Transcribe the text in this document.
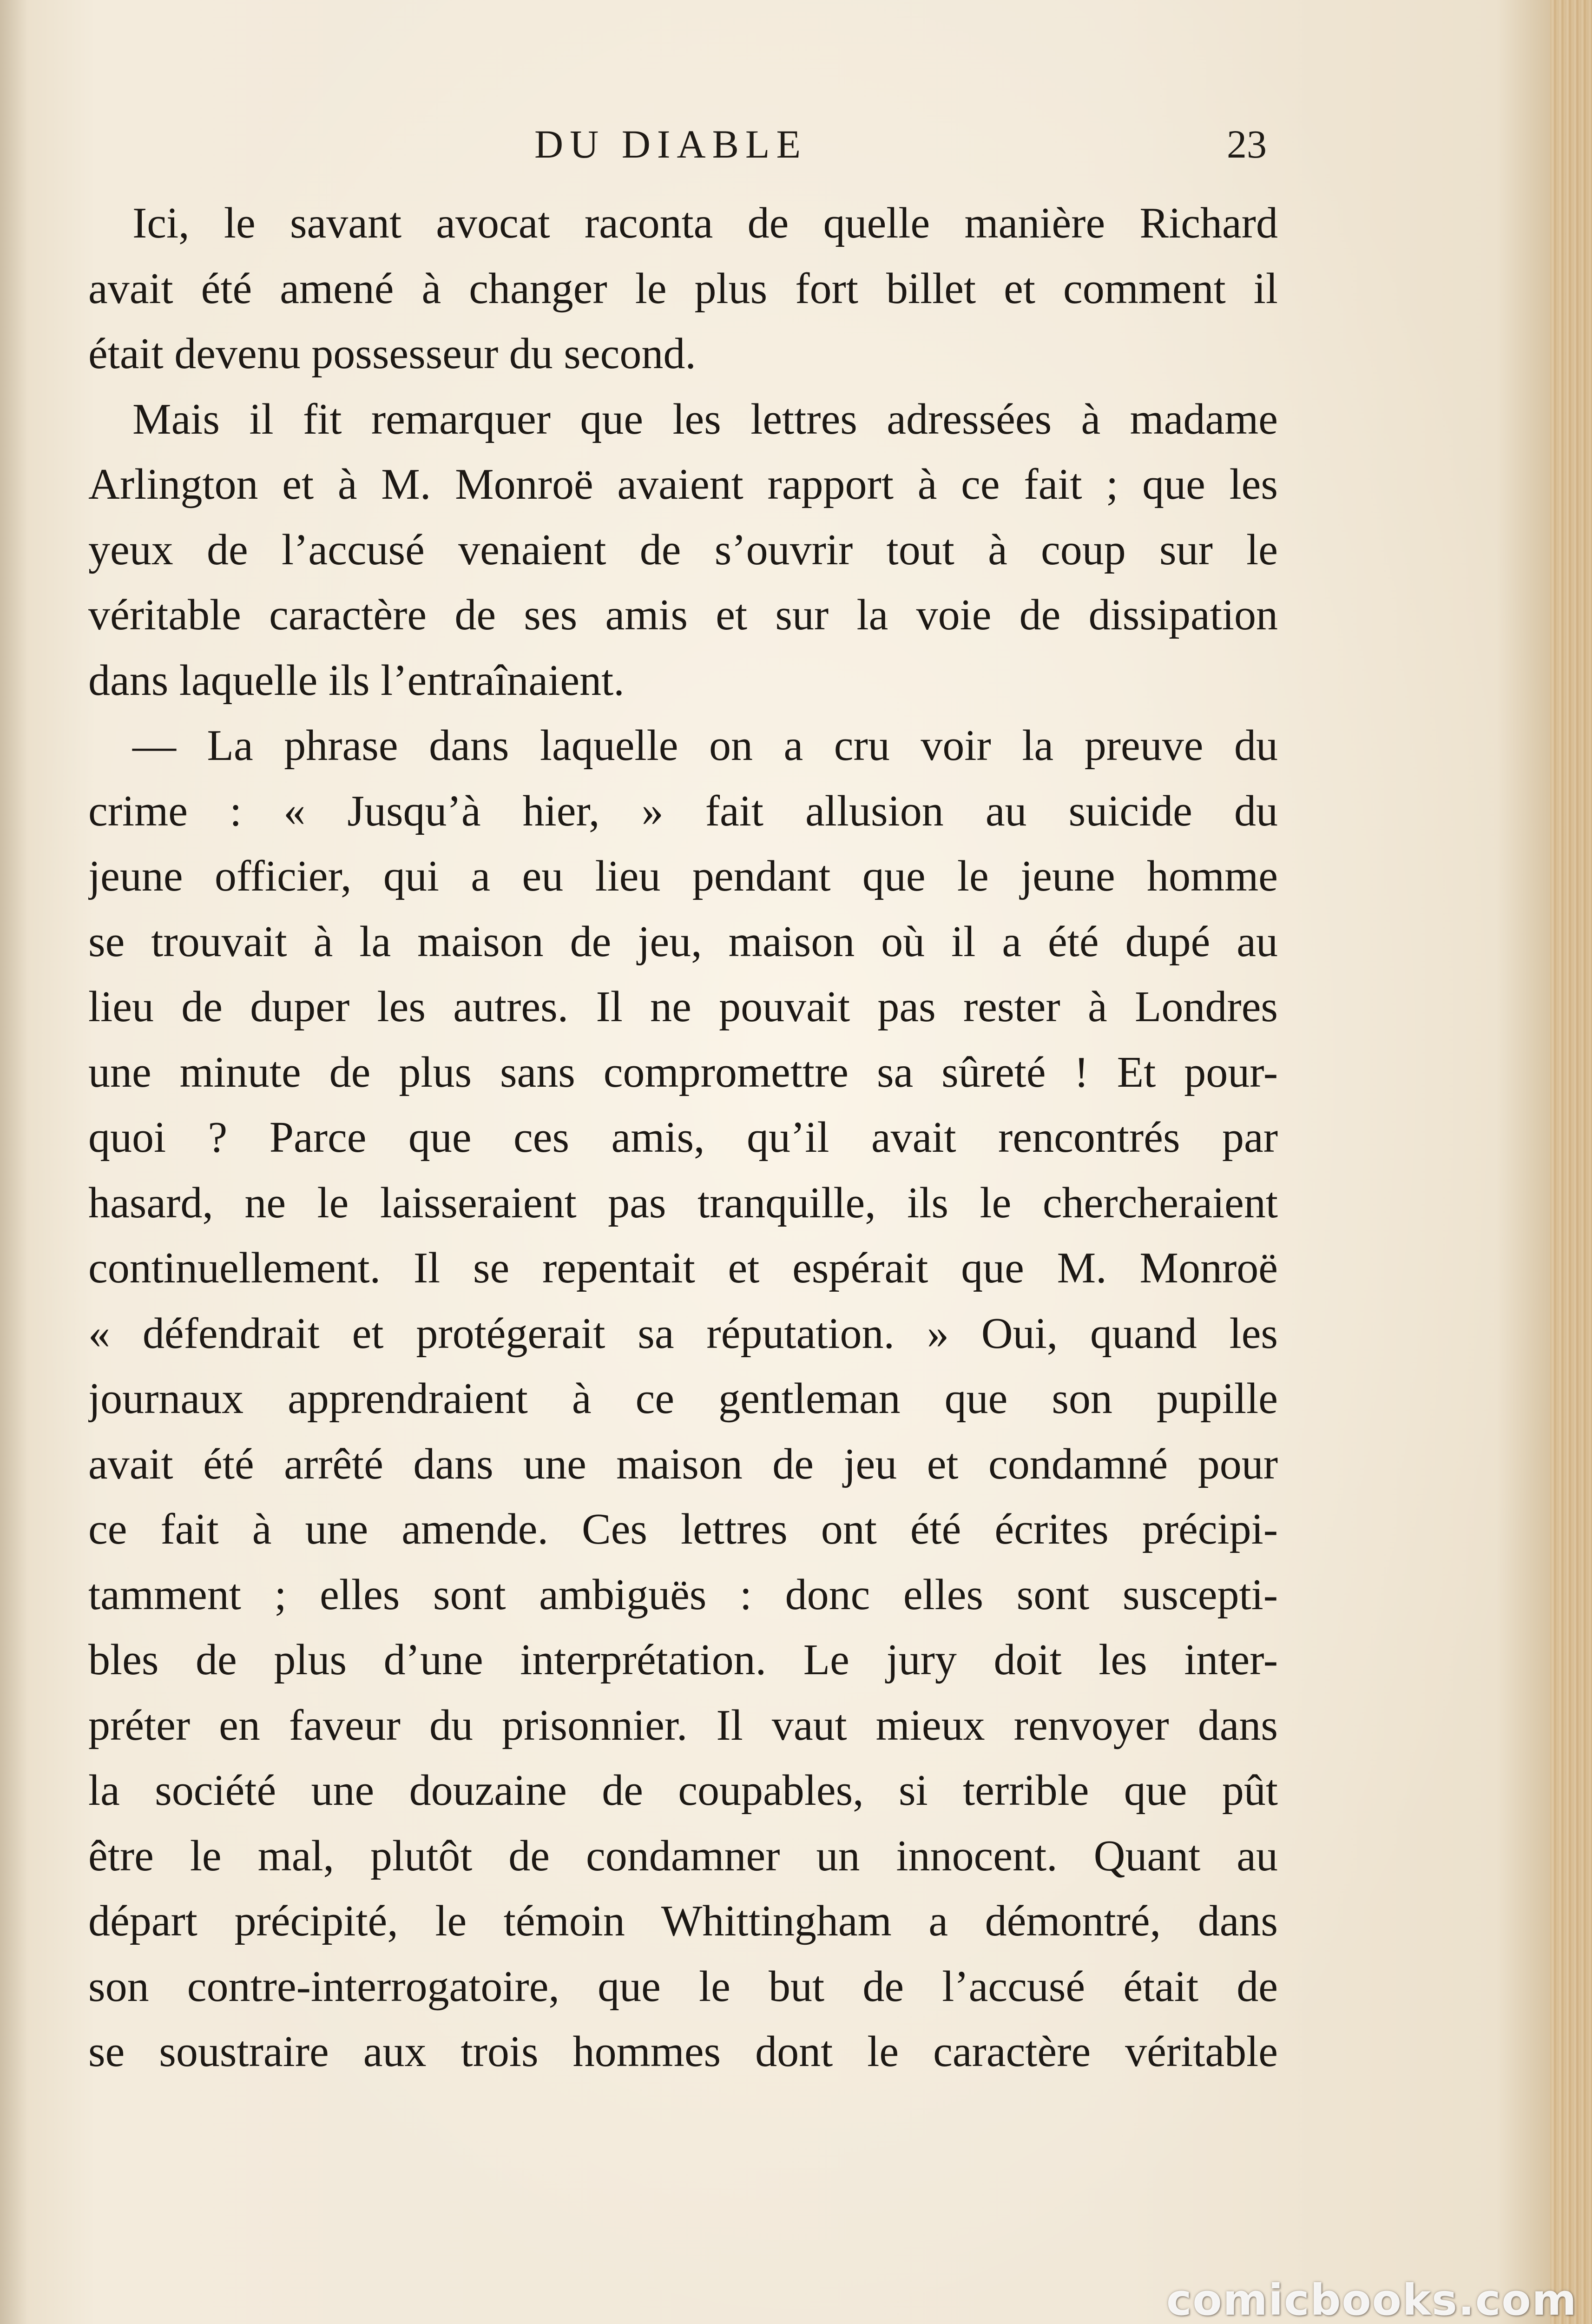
DU DIABLE	23
Ici, le savant avocat raconta de quelle manière Richard
avait été amené à changer le plus fort billet et comment il
était devenu possesseur du second.
Mais il fit remarquer que les lettres adressées à madame
Arlington et à M. Monroë avaient rapport à ce fait ; que les
yeux de l’accusé venaient de s’ouvrir tout à coup sur le
véritable caractère de ses amis et sur la voie de dissipation
dans laquelle ils l’entraînaient.
— La phrase dans laquelle on a cru voir la preuve du
crime : « Jusqu’à hier, » fait allusion au suicide du
jeune officier, qui a eu lieu pendant que le jeune homme
se trouvait à la maison de jeu, maison où il a été dupé au
lieu de duper les autres. Il ne pouvait pas rester à Londres
une minute de plus sans compromettre sa sûreté ! Et pour-
quoi ? Parce que ces amis, qu’il avait rencontrés par
hasard, ne le laisseraient pas tranquille, ils le chercheraient
continuellement. Il se repentait et espérait que M. Monroë
« défendrait et protégerait sa réputation. » Oui, quand les
journaux apprendraient à ce gentleman que son pupille
avait été arrêté dans une maison de jeu et condamné pour
ce fait à une amende. Ces lettres ont été écrites précipi-
tamment ; elles sont ambiguës : donc elles sont suscepti-
bles de plus d’une interprétation. Le jury doit les inter-
préter en faveur du prisonnier. Il vaut mieux renvoyer dans
la société une douzaine de coupables, si terrible que pût
être le mal, plutôt de condamner un innocent. Quant au
départ précipité, le témoin Whittingham a démontré, dans
son contre-interrogatoire, que le but de l’accusé était de
se soustraire aux trois hommes dont le caractère véritable
comicbooks.com
